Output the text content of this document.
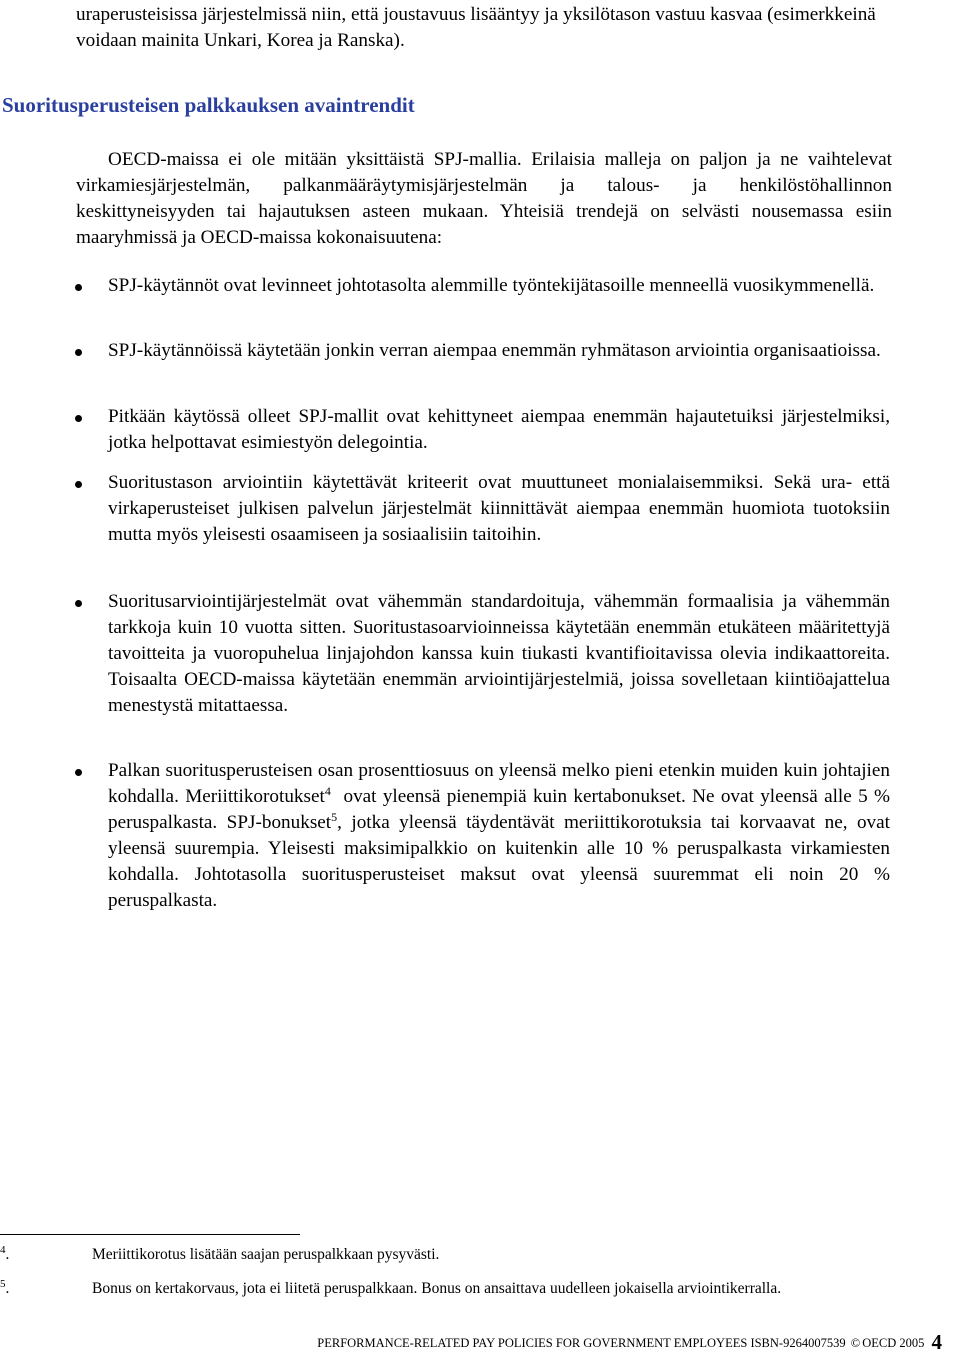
uraperusteisissa järjestelmissä niin, että joustavuus lisääntyy ja yksilötason vastuu kasvaa (esimerkkeinä voidaan mainita Unkari, Korea ja Ranska).

Suoritusperusteisen palkkauksen avaintrendit

OECD-maissa ei ole mitään yksittäistä SPJ-mallia. Erilaisia malleja on paljon ja ne vaihtelevat virkamiesjärjestelmän, palkanmääräytymisjärjestelmän ja talous- ja henkilöstöhallinnon keskittyneisyyden tai hajautuksen asteen mukaan. Yhteisiä trendejä on selvästi nousemassa esiin maaryhmissä ja OECD-maissa kokonaisuutena:

SPJ-käytännöt ovat levinneet johtotasolta alemmille työntekijätasoille menneellä vuosikymmenellä.
SPJ-käytännöissä käytetään jonkin verran aiempaa enemmän ryhmätason arviointia organisaatioissa.
Pitkään käytössä olleet SPJ-mallit ovat kehittyneet aiempaa enemmän hajautetuiksi järjestelmiksi, jotka helpottavat esimiestyön delegointia.
Suoritustason arviointiin käytettävät kriteerit ovat muuttuneet monialaisemmiksi. Sekä ura- että virkaperusteiset julkisen palvelun järjestelmät kiinnittävät aiempaa enemmän huomiota tuotoksiin mutta myös yleisesti osaamiseen ja sosiaalisiin taitoihin.
Suoritusarviointijärjestelmät ovat vähemmän standardoituja, vähemmän formaalisia ja vähemmän tarkkoja kuin 10 vuotta sitten. Suoritustasoarvioinneissa käytetään enemmän etukäteen määritettyjä tavoitteita ja vuoropuhelua linjajohdon kanssa kuin tiukasti kvantifioitavissa olevia indikaattoreita. Toisaalta OECD-maissa käytetään enemmän arviointijärjestelmiä, joissa sovelletaan kiintiöajattelua menestystä mitattaessa.
Palkan suoritusperusteisen osan prosenttiosuus on yleensä melko pieni etenkin muiden kuin johtajien kohdalla. Meriittikorotukset$^4$  ovat yleensä pienempiä kuin kertabonukset. Ne ovat yleensä alle 5 % peruspalkasta. SPJ-bonukset$^5$, jotka yleensä täydentävät meriittikorotuksia tai korvaavat ne, ovat yleensä suurempia. Yleisesti maksimipalkkio on kuitenkin alle 10 % peruspalkasta virkamiesten kohdalla. Johtotasolla suoritusperusteiset maksut ovat yleensä suuremmat eli noin 20 % peruspalkasta.
$^4$.	Meriittikorotus lisätään saajan peruspalkkaan pysyvästi.
$^5$.	Bonus on kertakorvaus, jota ei liitetä peruspalkkaan. Bonus on ansaittava uudelleen jokaisella arviointikerralla.
PERFORMANCE-RELATED PAY POLICIES FOR GOVERNMENT EMPLOYEES ISBN-9264007539 © OECD 2005 4
